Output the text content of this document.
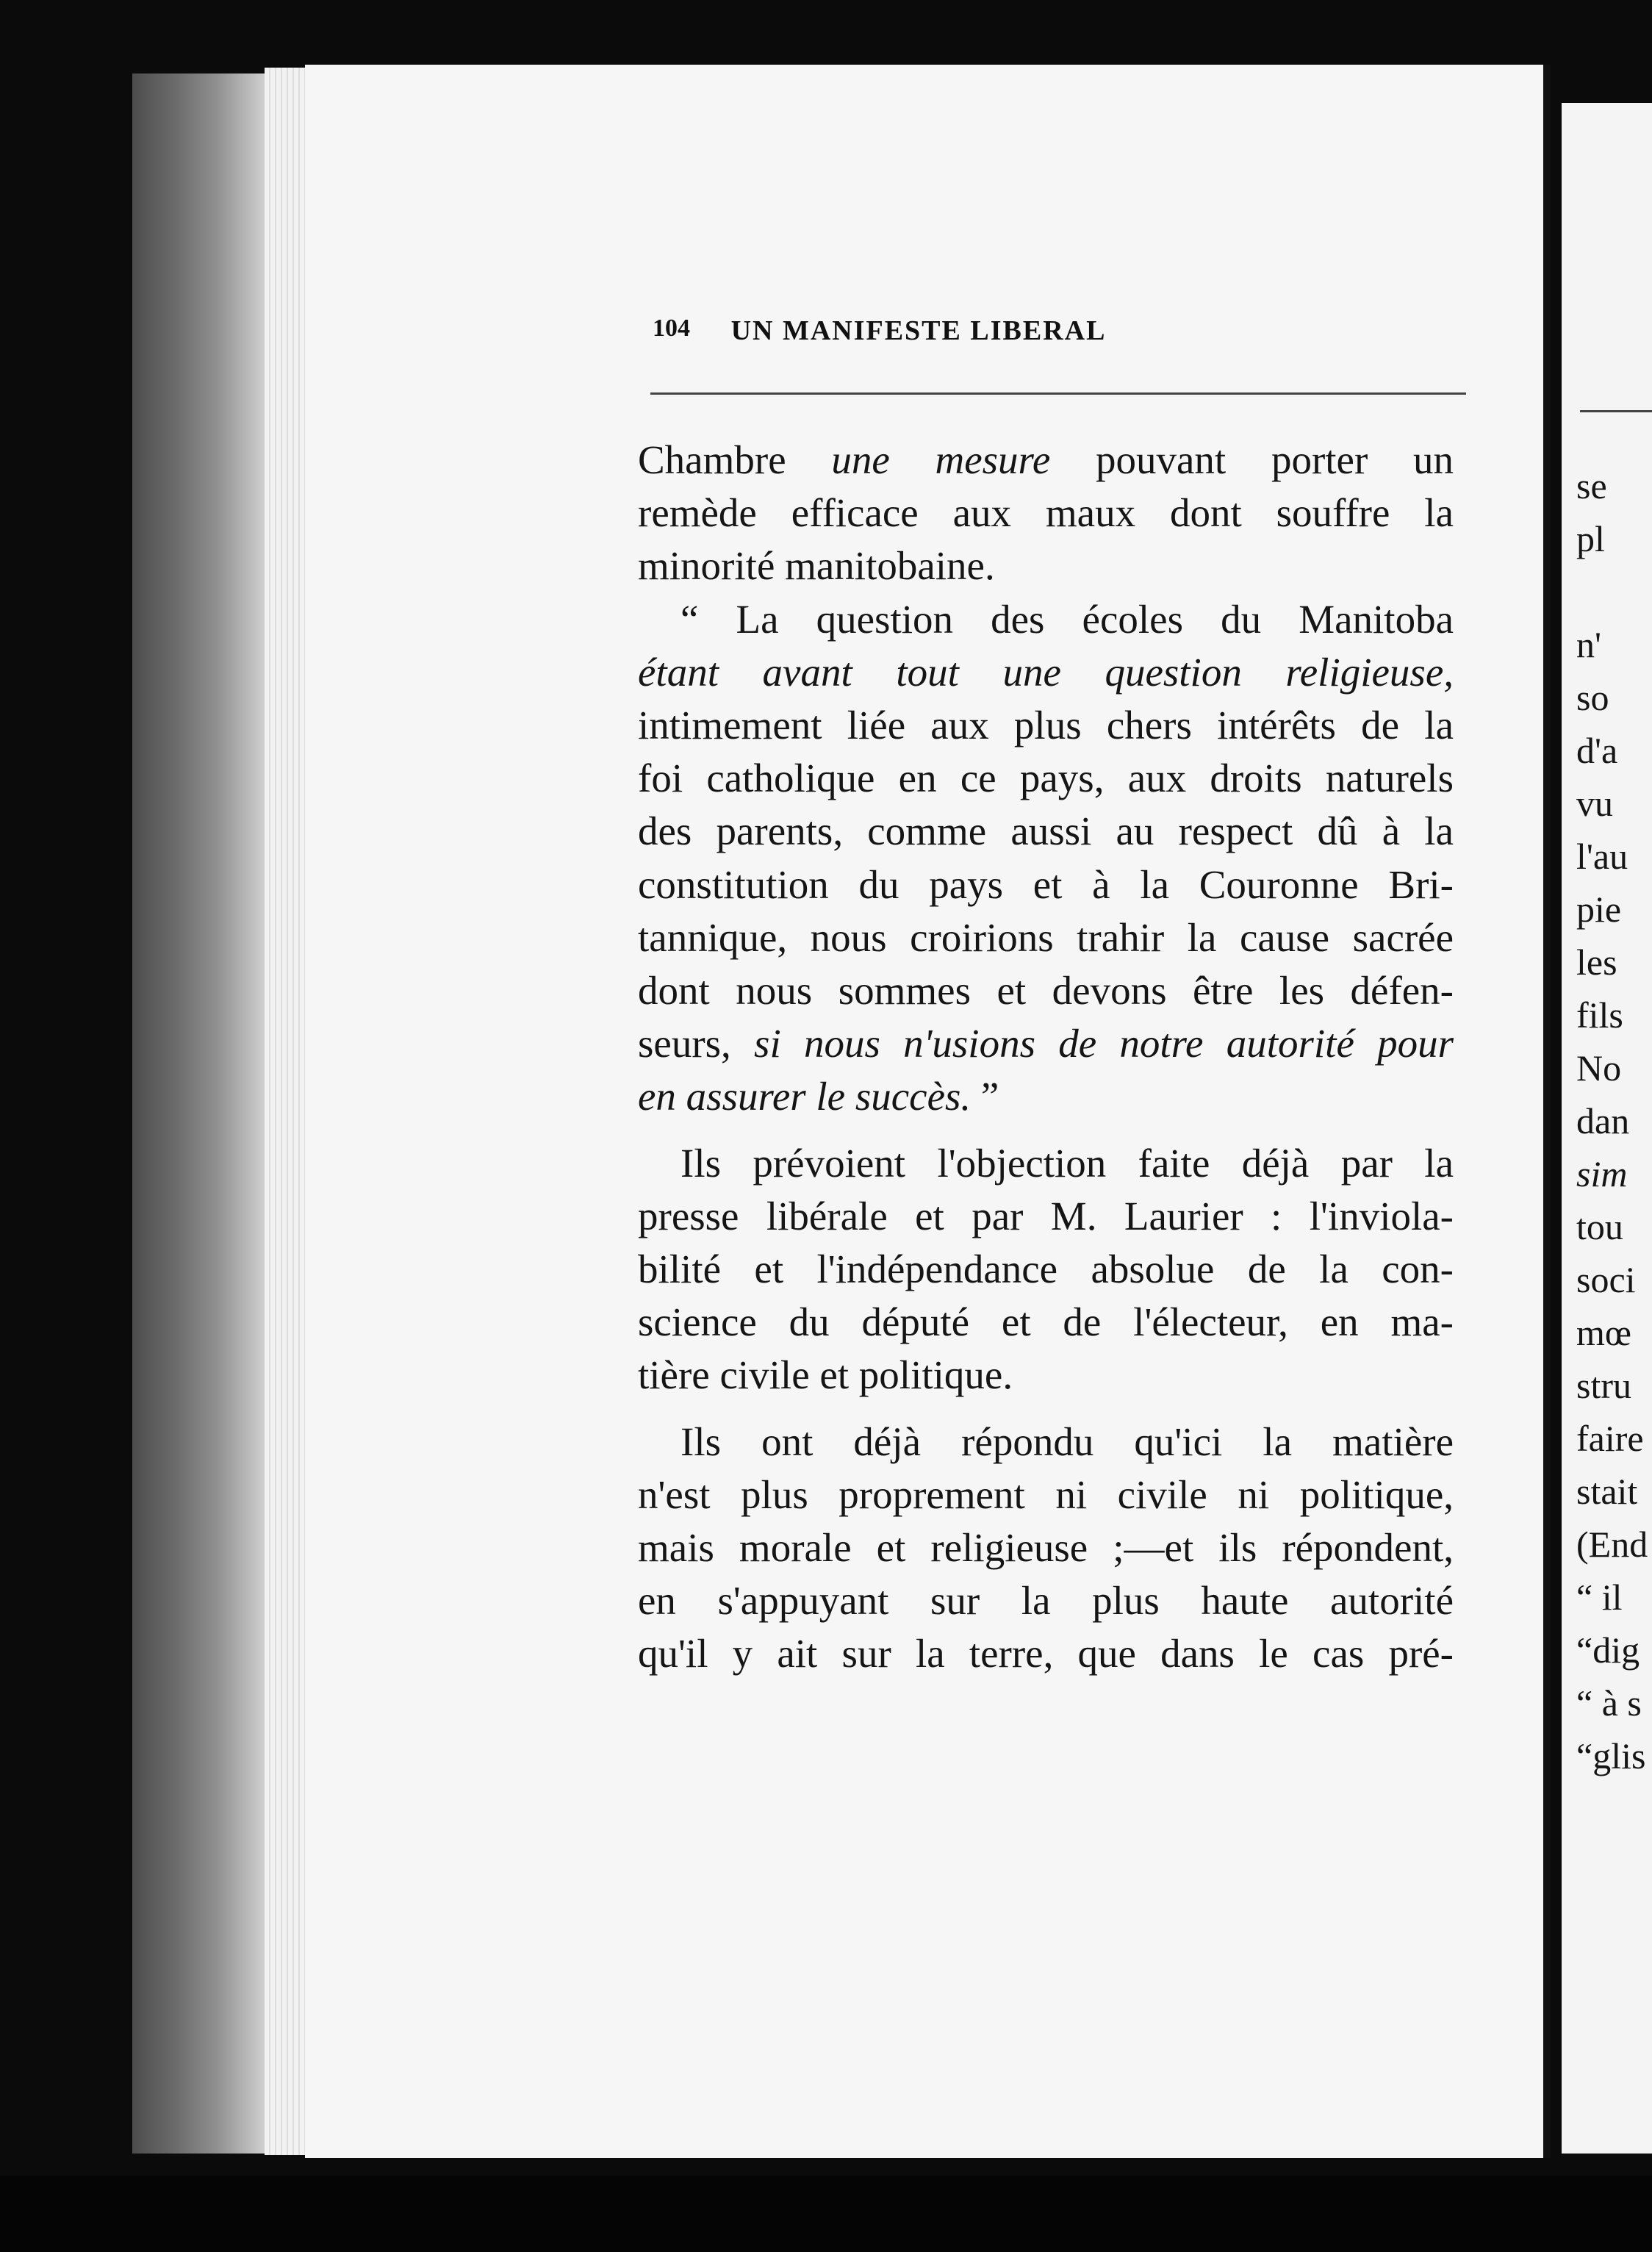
104	UN MANIFESTE LIBERAL
Chambre une mesure pouvant porter un
remède efficace aux maux dont souffre la
minorité manitobaine.
“ La question des écoles du Manitoba
étant avant tout une question religieuse,
intimement liée aux plus chers intérêts de la
foi catholique en ce pays, aux droits naturels
des parents, comme aussi au respect dû à la
constitution du pays et à la Couronne Bri-
tannique, nous croirions trahir la cause sacrée
dont nous sommes et devons être les défen-
seurs, si nous n'usions de notre autorité pour
en assurer le succès. ”
Ils prévoient l'objection faite déjà par la
presse libérale et par M. Laurier : l'inviola-
bilité et l'indépendance absolue de la con-
science du député et de l'électeur, en ma-
tière civile et politique.
Ils ont déjà répondu qu'ici la matière
n'est plus proprement ni civile ni politique,
mais morale et religieuse ;—et ils répondent,
en s'appuyant sur la plus haute autorité
qu'il y ait sur la terre, que dans le cas pré-
se
pl
n'
so
d'a
vu
l'au
pie
les
fils
No
dan
sim
tou
soci
mœ
stru
faire
stait
(End
“ il
“dig
“ à s
“glis
